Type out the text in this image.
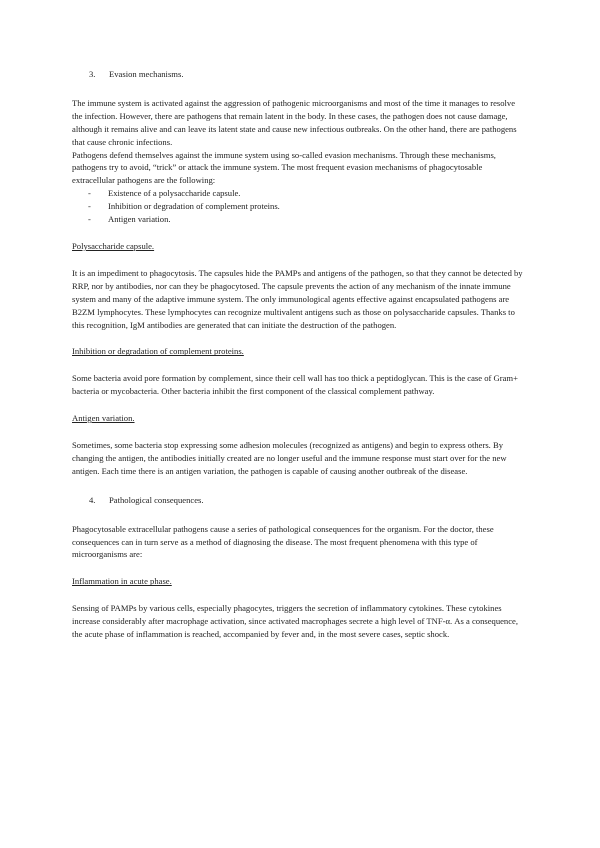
3.	Evasion mechanisms.

The immune system is activated against the aggression of pathogenic microorganisms and most of the time it manages to resolve the infection. However, there are pathogens that remain latent in the body. In these cases, the pathogen does not cause damage, although it remains alive and can leave its latent state and cause new infectious outbreaks. On the other hand, there are pathogens that cause chronic infections.

Pathogens defend themselves against the immune system using so-called evasion mechanisms. Through these mechanisms, pathogens try to avoid, “trick” or attack the immune system. The most frequent evasion mechanisms of phagocytosable extracellular pathogens are the following:

-	Existence of a polysaccharide capsule.
-	Inhibition or degradation of complement proteins.
-	Antigen variation.

Polysaccharide capsule.

It is an impediment to phagocytosis. The capsules hide the PAMPs and antigens of the pathogen, so that they cannot be detected by RRP, nor by antibodies, nor can they be phagocytosed. The capsule prevents the action of any mechanism of the innate immune system and many of the adaptive immune system. The only immunological agents effective against encapsulated pathogens are B2ZM lymphocytes. These lymphocytes can recognize multivalent antigens such as those on polysaccharide capsules. Thanks to this recognition, IgM antibodies are generated that can initiate the destruction of the pathogen.

Inhibition or degradation of complement proteins.

Some bacteria avoid pore formation by complement, since their cell wall has too thick a peptidoglycan. This is the case of Gram+ bacteria or mycobacteria. Other bacteria inhibit the first component of the classical complement pathway.

Antigen variation.

Sometimes, some bacteria stop expressing some adhesion molecules (recognized as antigens) and begin to express others. By changing the antigen, the antibodies initially created are no longer useful and the immune response must start over for the new antigen. Each time there is an antigen variation, the pathogen is capable of causing another outbreak of the disease.

4.	Pathological consequences.

Phagocytosable extracellular pathogens cause a series of pathological consequences for the organism. For the doctor, these consequences can in turn serve as a method of diagnosing the disease. The most frequent phenomena with this type of microorganisms are:

Inflammation in acute phase.

Sensing of PAMPs by various cells, especially phagocytes, triggers the secretion of inflammatory cytokines. These cytokines increase considerably after macrophage activation, since activated macrophages secrete a high level of TNF-α. As a consequence, the acute phase of inflammation is reached, accompanied by fever and, in the most severe cases, septic shock.
